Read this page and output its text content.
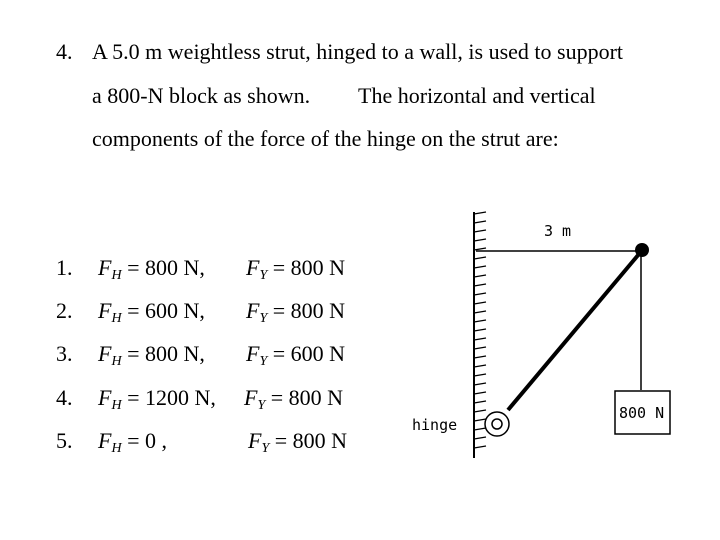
4. A 5.0 m weightless strut, hinged to a wall, is used to support
a 800-N block as shown. The horizontal and vertical
components of the force of the hinge on the strut are:
1. $F_H = 800$ N, $F_Y = 800$ N
2. $F_H = 600$ N, $F_Y = 800$ N
3. $F_H = 800$ N, $F_Y = 600$ N
4. $F_H = 1200$ N, $F_Y = 800$ N
5. $F_H = 0$ ,	$F_Y = 800$ N
3 m
hinge
800 N
